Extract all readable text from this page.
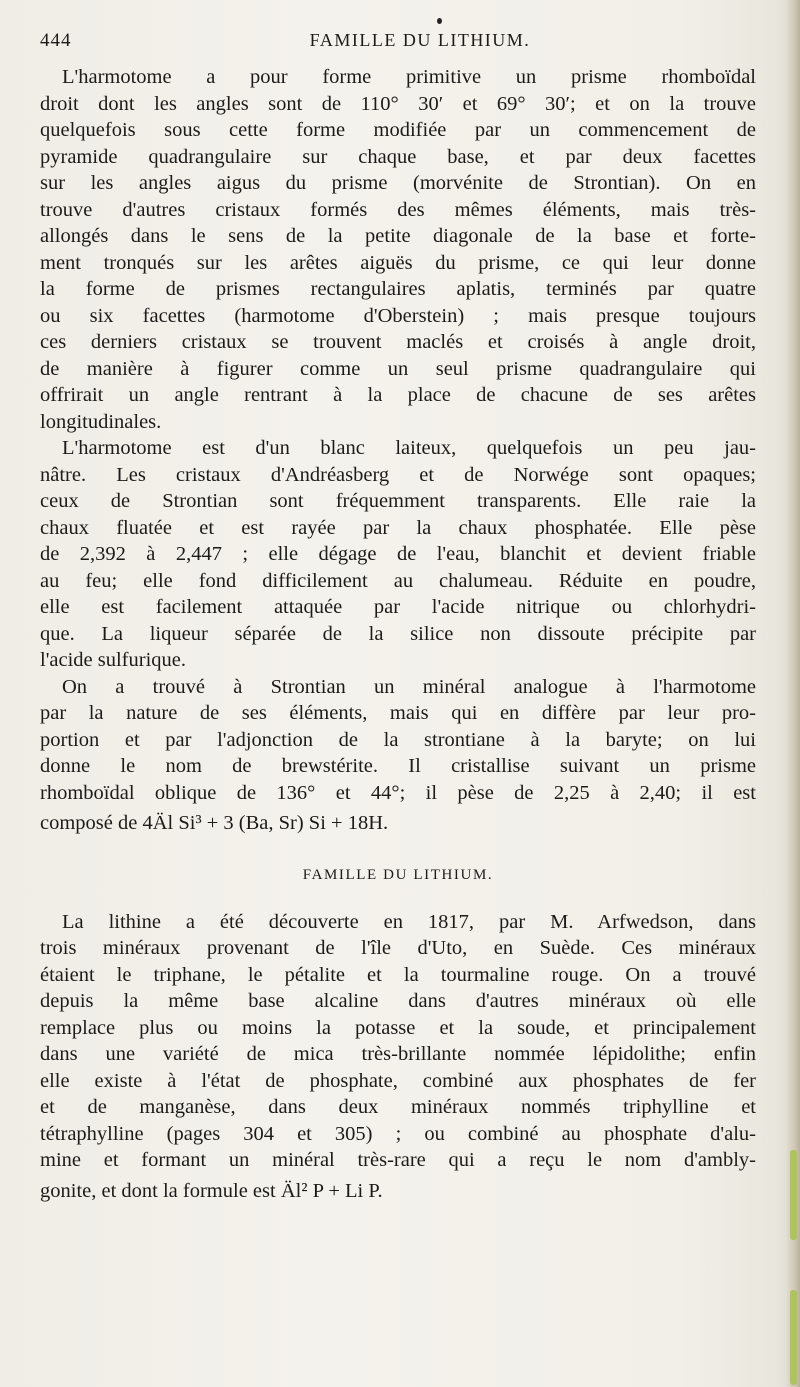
444	FAMILLE DU LITHIUM.
L'harmotome a pour forme primitive un prisme rhomboïdal
droit dont les angles sont de 110° 30′ et 69° 30′; et on la trouve
quelquefois sous cette forme modifiée par un commencement de
pyramide quadrangulaire sur chaque base, et par deux facettes
sur les angles aigus du prisme (morvénite de Strontian). On en
trouve d'autres cristaux formés des mêmes éléments, mais très-
allongés dans le sens de la petite diagonale de la base et forte-
ment tronqués sur les arêtes aiguës du prisme, ce qui leur donne
la forme de prismes rectangulaires aplatis, terminés par quatre
ou six facettes (harmotome d'Oberstein) ; mais presque toujours
ces derniers cristaux se trouvent maclés et croisés à angle droit,
de manière à figurer comme un seul prisme quadrangulaire qui
offrirait un angle rentrant à la place de chacune de ses arêtes
longitudinales.
L'harmotome est d'un blanc laiteux, quelquefois un peu jau-
nâtre. Les cristaux d'Andréasberg et de Norwége sont opaques;
ceux de Strontian sont fréquemment transparents. Elle raie la
chaux fluatée et est rayée par la chaux phosphatée. Elle pèse
de 2,392 à 2,447 ; elle dégage de l'eau, blanchit et devient friable
au feu; elle fond difficilement au chalumeau. Réduite en poudre,
elle est facilement attaquée par l'acide nitrique ou chlorhydri-
que. La liqueur séparée de la silice non dissoute précipite par
l'acide sulfurique.
On a trouvé à Strontian un minéral analogue à l'harmotome
par la nature de ses éléments, mais qui en diffère par leur pro-
portion et par l'adjonction de la strontiane à la baryte; on lui
donne le nom de brewstérite. Il cristallise suivant un prisme
rhomboïdal oblique de 136° et 44°; il pèse de 2,25 à 2,40; il est
composé de 4Äl Si³ + 3 (Ba, Sr) Si + 18H.
FAMILLE DU LITHIUM.
La lithine a été découverte en 1817, par M. Arfwedson, dans
trois minéraux provenant de l'île d'Uto, en Suède. Ces minéraux
étaient le triphane, le pétalite et la tourmaline rouge. On a trouvé
depuis la même base alcaline dans d'autres minéraux où elle
remplace plus ou moins la potasse et la soude, et principalement
dans une variété de mica très-brillante nommée lépidolithe; enfin
elle existe à l'état de phosphate, combiné aux phosphates de fer
et de manganèse, dans deux minéraux nommés triphylline et
tétraphylline (pages 304 et 305) ; ou combiné au phosphate d'alu-
mine et formant un minéral très-rare qui a reçu le nom d'ambly-
gonite, et dont la formule est Äl² P + Li P.
